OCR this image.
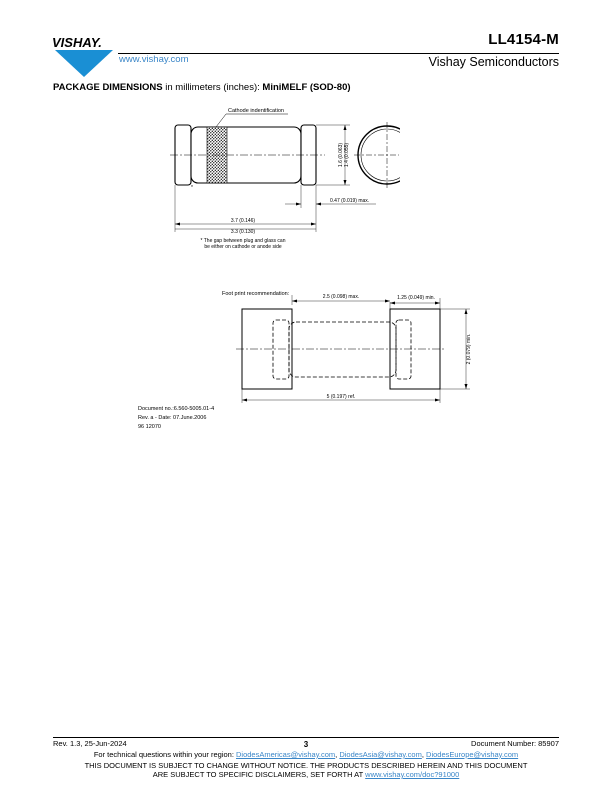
VISHAY.	LL4154-M
www.vishay.com	Vishay Semiconductors
PACKAGE DIMENSIONS in millimeters (inches): MiniMELF (SOD-80)
Cathode indentification
*
1.6 (0.063) 1.4 (0.055)
0.47 (0.019) max.
3.7 (0.146)
3.3 (0.130)
* The gap between plug and glass can
be either on cathode or anode side
Foot print recommendation:	2.5 (0.098) max.	1.25 (0.049) min.
2 (0.079) min.
5 (0.197) ref.
Document no.:6.560-5005.01-4
Rev. a - Date: 07.June.2006
96 12070
Rev. 1.3, 25-Jun-2024	3	Document Number: 85907
For technical questions within your region: DiodesAmericas@vishay.com, DiodesAsia@vishay.com, DiodesEurope@vishay.com
THIS DOCUMENT IS SUBJECT TO CHANGE WITHOUT NOTICE. THE PRODUCTS DESCRIBED HEREIN AND THIS DOCUMENT
ARE SUBJECT TO SPECIFIC DISCLAIMERS, SET FORTH AT www.vishay.com/doc?91000
